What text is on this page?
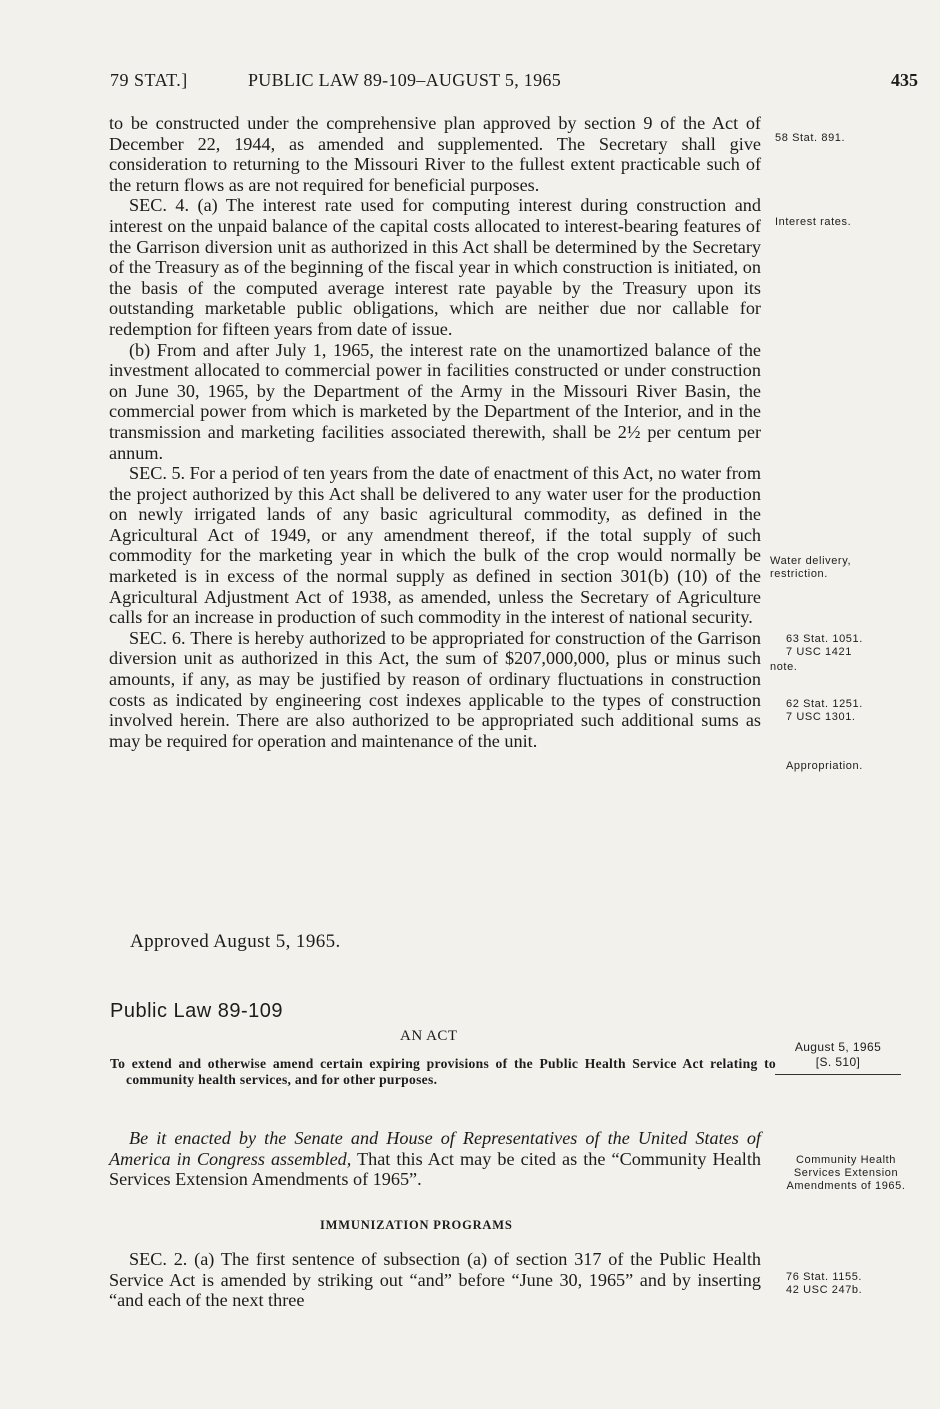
79 STAT.]	PUBLIC LAW 89-109–AUGUST 5, 1965	435

to be constructed under the comprehensive plan approved by section 9 of the Act of December 22, 1944, as amended and supplemented. The Secretary shall give consideration to returning to the Missouri River to the fullest extent practicable such of the return flows as are not required for beneficial purposes.

SEC. 4. (a) The interest rate used for computing interest during construction and interest on the unpaid balance of the capital costs allocated to interest-bearing features of the Garrison diversion unit as authorized in this Act shall be determined by the Secretary of the Treasury as of the beginning of the fiscal year in which construction is initiated, on the basis of the computed average interest rate payable by the Treasury upon its outstanding marketable public obligations, which are neither due nor callable for redemption for fifteen years from date of issue.

(b) From and after July 1, 1965, the interest rate on the unamortized balance of the investment allocated to commercial power in facilities constructed or under construction on June 30, 1965, by the Department of the Army in the Missouri River Basin, the commercial power from which is marketed by the Department of the Interior, and in the transmission and marketing facilities associated therewith, shall be 2½ per centum per annum.

SEC. 5. For a period of ten years from the date of enactment of this Act, no water from the project authorized by this Act shall be delivered to any water user for the production on newly irrigated lands of any basic agricultural commodity, as defined in the Agricultural Act of 1949, or any amendment thereof, if the total supply of such commodity for the marketing year in which the bulk of the crop would normally be marketed is in excess of the normal supply as defined in section 301(b) (10) of the Agricultural Adjustment Act of 1938, as amended, unless the Secretary of Agriculture calls for an increase in production of such commodity in the interest of national security.

SEC. 6. There is hereby authorized to be appropriated for construction of the Garrison diversion unit as authorized in this Act, the sum of $207,000,000, plus or minus such amounts, if any, as may be justified by reason of ordinary fluctuations in construction costs as indicated by engineering cost indexes applicable to the types of construction involved herein. There are also authorized to be appropriated such additional sums as may be required for operation and maintenance of the unit.

58 Stat. 891.
Interest rates.
Water delivery, restriction.
63 Stat. 1051.
7 USC 1421
note.
62 Stat. 1251.
7 USC 1301.
Appropriation.
Approved August 5, 1965.
Public Law 89-109
AN ACT
To extend and otherwise amend certain expiring provisions of the Public Health Service Act relating to community health services, and for other purposes.
August 5, 1965
[S. 510]

Be it enacted by the Senate and House of Representatives of the United States of America in Congress assembled, That this Act may be cited as the “Community Health Services Extension Amendments of 1965”.

Community Health Services Extension Amendments of 1965.
IMMUNIZATION PROGRAMS

SEC. 2. (a) The first sentence of subsection (a) of section 317 of the Public Health Service Act is amended by striking out “and” before “June 30, 1965” and by inserting “and each of the next three

76 Stat. 1155.
42 USC 247b.
